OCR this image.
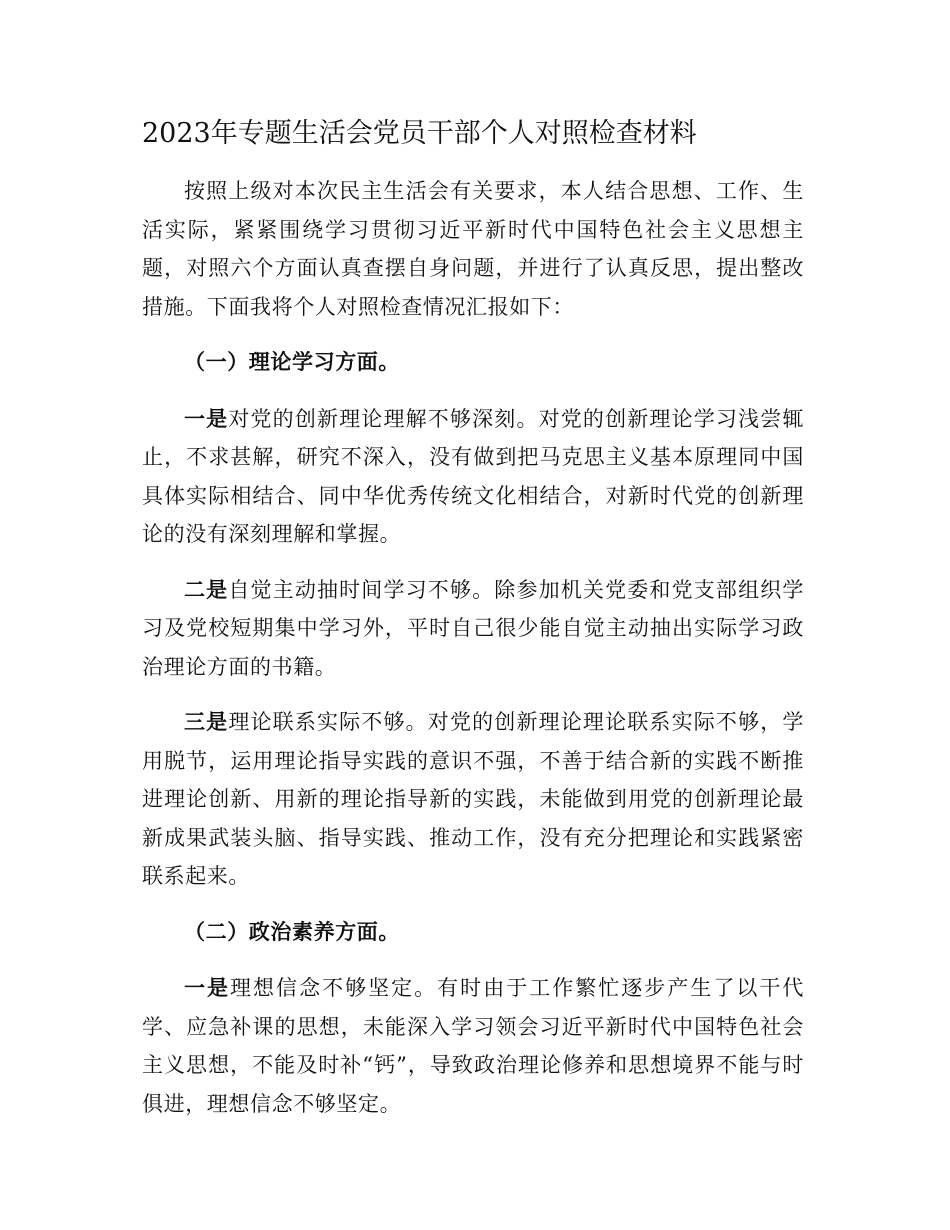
2023年专题生活会党员干部个人对照检查材料

按照上级对本次民主生活会有关要求，本人结合思想、工作、生活实际，紧紧围绕学习贯彻习近平新时代中国特色社会主义思想主题，对照六个方面认真查摆自身问题，并进行了认真反思，提出整改措施。下面我将个人对照检查情况汇报如下：

（一）理论学习方面。

一是对党的创新理论理解不够深刻。对党的创新理论学习浅尝辄止，不求甚解，研究不深入，没有做到把马克思主义基本原理同中国具体实际相结合、同中华优秀传统文化相结合，对新时代党的创新理论的没有深刻理解和掌握。

二是自觉主动抽时间学习不够。除参加机关党委和党支部组织学习及党校短期集中学习外，平时自己很少能自觉主动抽出实际学习政治理论方面的书籍。

三是理论联系实际不够。对党的创新理论理论联系实际不够，学用脱节，运用理论指导实践的意识不强，不善于结合新的实践不断推进理论创新、用新的理论指导新的实践，未能做到用党的创新理论最新成果武装头脑、指导实践、推动工作，没有充分把理论和实践紧密联系起来。

（二）政治素养方面。

一是理想信念不够坚定。有时由于工作繁忙逐步产生了以干代学、应急补课的思想，未能深入学习领会习近平新时代中国特色社会主义思想，不能及时补“钙”，导致政治理论修养和思想境界不能与时俱进，理想信念不够坚定。
